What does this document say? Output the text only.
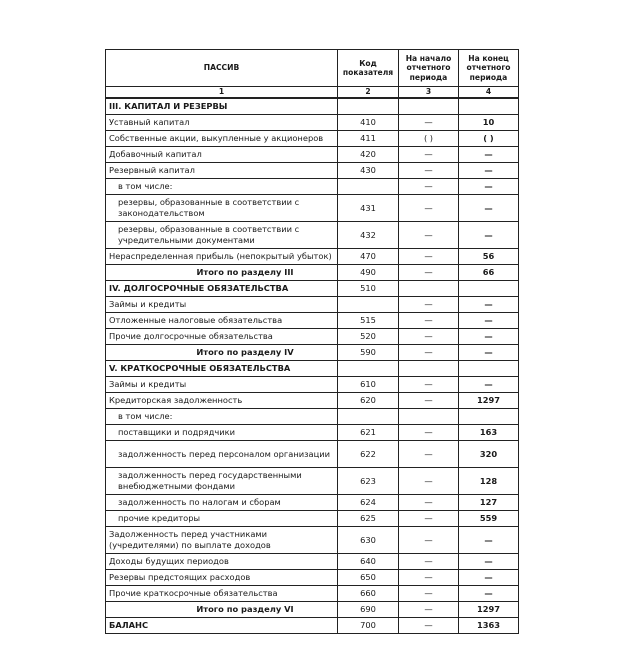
ПАССИВ	Код показателя	На начало отчетного периода	На конец отчетного периода
1	2	3	4
III. КАПИТАЛ И РЕЗЕРВЫ			
Уставный капитал	410	—	10
Собственные акции, выкупленные у акционеров	411	( )	( )
Добавочный капитал	420	—	—
Резервный капитал	430	—	—
в том числе:		—	—
резервы, образованные в соответствии с законодательством	431	—	—
резервы, образованные в соответствии с учредительными документами	432	—	—
Нераспределенная прибыль (непокрытый убыток)	470	—	56
Итого по разделу III	490	—	66
IV. ДОЛГОСРОЧНЫЕ ОБЯЗАТЕЛЬСТВА	510		
Займы и кредиты		—	—
Отложенные налоговые обязательства	515	—	—
Прочие долгосрочные обязательства	520	—	—
Итого по разделу IV	590	—	—
V. КРАТКОСРОЧНЫЕ ОБЯЗАТЕЛЬСТВА			
Займы и кредиты	610	—	—
Кредиторская задолженность	620	—	1297
в том числе:			
поставщики и подрядчики	621	—	163
задолженность перед персоналом организации	622	—	320
задолженность перед государственными внебюджетными фондами	623	—	128
задолженность по налогам и сборам	624	—	127
прочие кредиторы	625	—	559
Задолженность перед участниками (учредителями) по выплате доходов	630	—	—
Доходы будущих периодов	640	—	—
Резервы предстоящих расходов	650	—	—
Прочие краткосрочные обязательства	660	—	—
Итого по разделу VI	690	—	1297
БАЛАНС	700	—	1363
